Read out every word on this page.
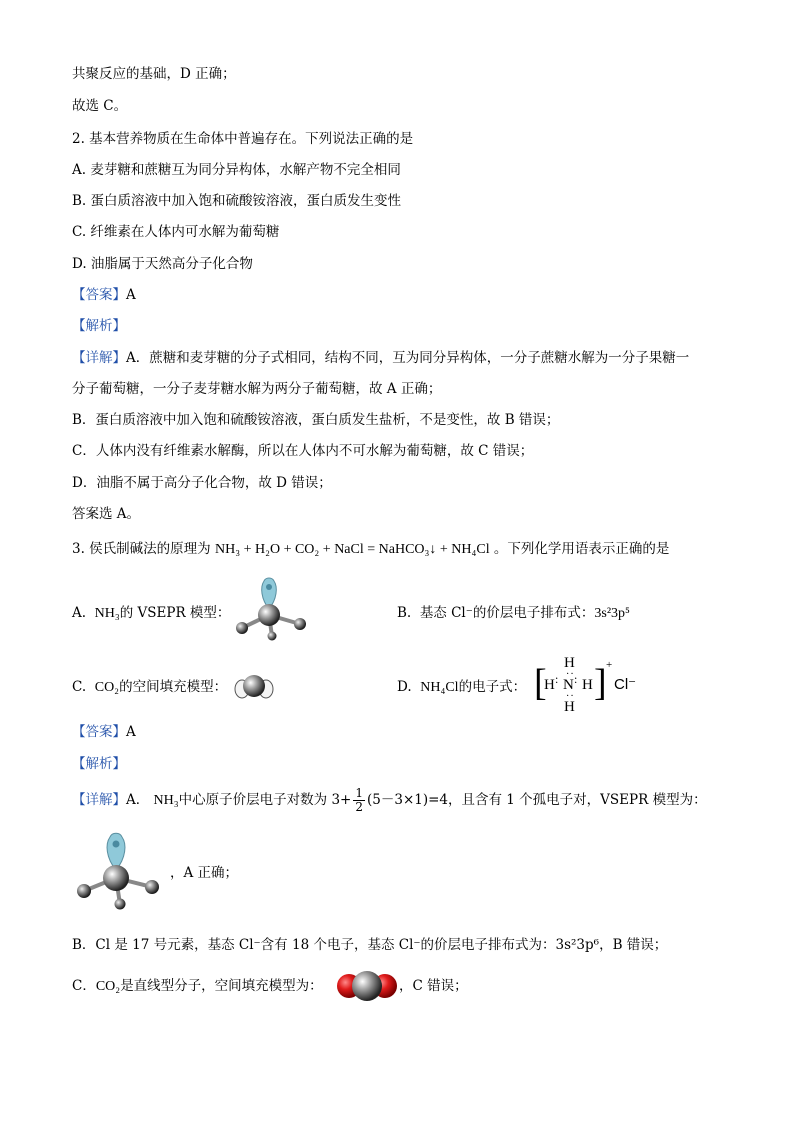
共聚反应的基础，D 正确；
故选 C。
2. 基本营养物质在生命体中普遍存在。下列说法正确的是
A. 麦芽糖和蔗糖互为同分异构体，水解产物不完全相同
B. 蛋白质溶液中加入饱和硫酸铵溶液，蛋白质发生变性
C. 纤维素在人体内可水解为葡萄糖
D. 油脂属于天然高分子化合物
【答案】A
【解析】
【详解】A．蔗糖和麦芽糖的分子式相同，结构不同，互为同分异构体，一分子蔗糖水解为一分子果糖一
分子葡萄糖，一分子麦芽糖水解为两分子葡萄糖，故 A 正确；
B．蛋白质溶液中加入饱和硫酸铵溶液，蛋白质发生盐析，不是变性，故 B 错误；
C．人体内没有纤维素水解酶，所以在人体内不可水解为葡萄糖，故 C 错误；
D．油脂不属于高分子化合物，故 D 错误；
答案选 A。
3. 侯氏制碱法的原理为 NH₃ + H₂O + CO₂ + NaCl = NaHCO₃↓ + NH₄Cl 。下列化学用语表示正确的是
A. NH₃的 VSEPR 模型：	B. 基态 Cl⁻的价层电子排布式：3s²3p⁵
C. CO₂的空间填充模型：	D. NH₄Cl的电子式： [ H
··
H : N : H
··
H
] +
Cl⁻
【答案】A
【解析】
【详解】A． NH₃中心原子价层电子对数为 $3+ \frac{1}{2} (5-3\times 1)=4$，且含有 1 个孤电子对，VSEPR 模型为：
，A 正确；
B．Cl 是 17 号元素，基态 Cl⁻含有 18 个电子，基态 Cl⁻的价层电子排布式为：3s²3p⁶，B 错误；
C．CO₂是直线型分子，空间填充模型为：	，C 错误；
